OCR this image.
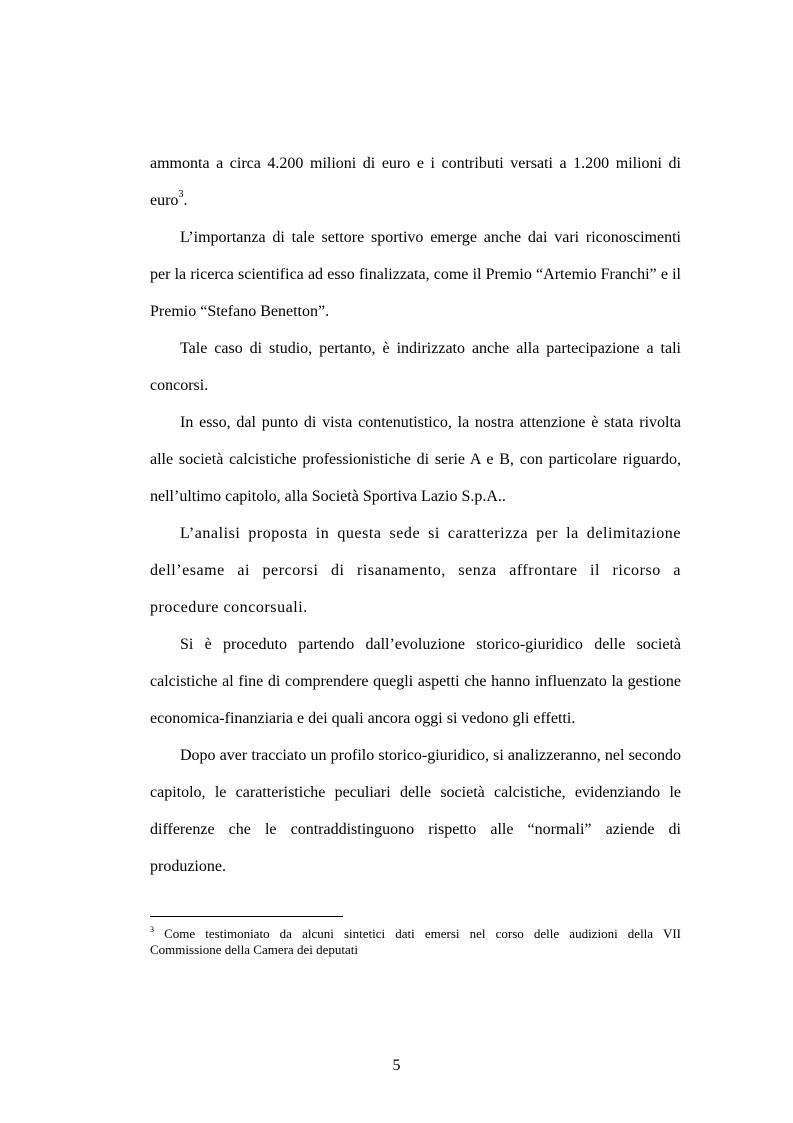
ammonta a circa 4.200 milioni di euro e i contributi versati a 1.200 milioni di
euro$^3$.
L’importanza di tale settore sportivo emerge anche dai vari riconoscimenti
per la ricerca scientifica ad esso finalizzata, come il Premio “Artemio Franchi” e il
Premio “Stefano Benetton”.
Tale caso di studio, pertanto, è indirizzato anche alla partecipazione a tali
concorsi.
In esso, dal punto di vista contenutistico, la nostra attenzione è stata rivolta
alle società calcistiche professionistiche di serie A e B, con particolare riguardo,
nell’ultimo capitolo, alla Società Sportiva Lazio S.p.A..
L’analisi proposta in questa sede si caratterizza per la delimitazione
dell’esame ai percorsi di risanamento, senza affrontare il ricorso a
procedure concorsuali.
Si è proceduto partendo dall’evoluzione storico-giuridico delle società
calcistiche al fine di comprendere quegli aspetti che hanno influenzato la gestione
economica-finanziaria e dei quali ancora oggi si vedono gli effetti.
Dopo aver tracciato un profilo storico-giuridico, si analizzeranno, nel secondo
capitolo, le caratteristiche peculiari delle società calcistiche, evidenziando le
differenze che le contraddistinguono rispetto alle “normali” aziende di
produzione.
$^3$ Come testimoniato da alcuni sintetici dati emersi nel corso delle audizioni della VII
Commissione della Camera dei deputati
5
